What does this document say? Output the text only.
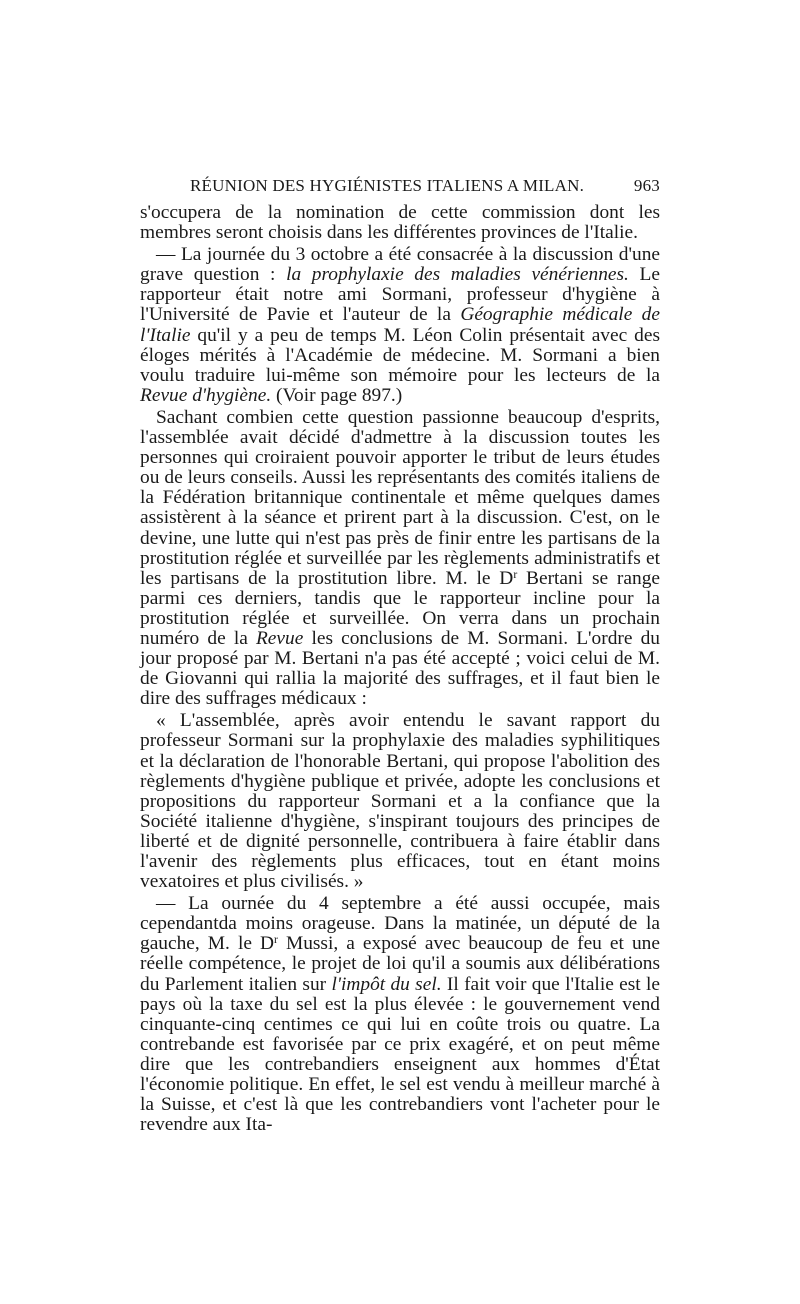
RÉUNION DES HYGIÉNISTES ITALIENS A MILAN.	963

s'occupera de la nomination de cette commission dont les membres seront choisis dans les différentes provinces de l'Italie.

— La journée du 3 octobre a été consacrée à la discussion d'une grave question : la prophylaxie des maladies vénériennes. Le rapporteur était notre ami Sormani, professeur d'hygiène à l'Université de Pavie et l'auteur de la Géographie médicale de l'Italie qu'il y a peu de temps M. Léon Colin présentait avec des éloges mérités à l'Académie de médecine. M. Sormani a bien voulu traduire lui-même son mémoire pour les lecteurs de la Revue d'hygiène. (Voir page 897.)

Sachant combien cette question passionne beaucoup d'esprits, l'assemblée avait décidé d'admettre à la discussion toutes les personnes qui croiraient pouvoir apporter le tribut de leurs études ou de leurs conseils. Aussi les représentants des comités italiens de la Fédération britannique continentale et même quelques dames assistèrent à la séance et prirent part à la discussion. C'est, on le devine, une lutte qui n'est pas près de finir entre les partisans de la prostitution réglée et surveillée par les règlements administratifs et les partisans de la prostitution libre. M. le $D^r$ Bertani se range parmi ces derniers, tandis que le rapporteur incline pour la prostitution réglée et surveillée. On verra dans un prochain numéro de la Revue les conclusions de M. Sormani. L'ordre du jour proposé par M. Bertani n'a pas été accepté ; voici celui de M. de Giovanni qui rallia la majorité des suffrages, et il faut bien le dire des suffrages médicaux :

« L'assemblée, après avoir entendu le savant rapport du professeur Sormani sur la prophylaxie des maladies syphilitiques et la déclaration de l'honorable Bertani, qui propose l'abolition des règlements d'hygiène publique et privée, adopte les conclusions et propositions du rapporteur Sormani et a la confiance que la Société italienne d'hygiène, s'inspirant toujours des principes de liberté et de dignité personnelle, contribuera à faire établir dans l'avenir des règlements plus efficaces, tout en étant moins vexatoires et plus civilisés. »

— La ournée du 4 septembre a été aussi occupée, mais cependantda moins orageuse. Dans la matinée, un député de la gauche, M. le $D^r$ Mussi, a exposé avec beaucoup de feu et une réelle compétence, le projet de loi qu'il a soumis aux délibérations du Parlement italien sur l'impôt du sel. Il fait voir que l'Italie est le pays où la taxe du sel est la plus élevée : le gouvernement vend cinquante-cinq centimes ce qui lui en coûte trois ou quatre. La contrebande est favorisée par ce prix exagéré, et on peut même dire que les contrebandiers enseignent aux hommes d'État l'économie politique. En effet, le sel est vendu à meilleur marché à la Suisse, et c'est là que les contrebandiers vont l'acheter pour le revendre aux Ita-
